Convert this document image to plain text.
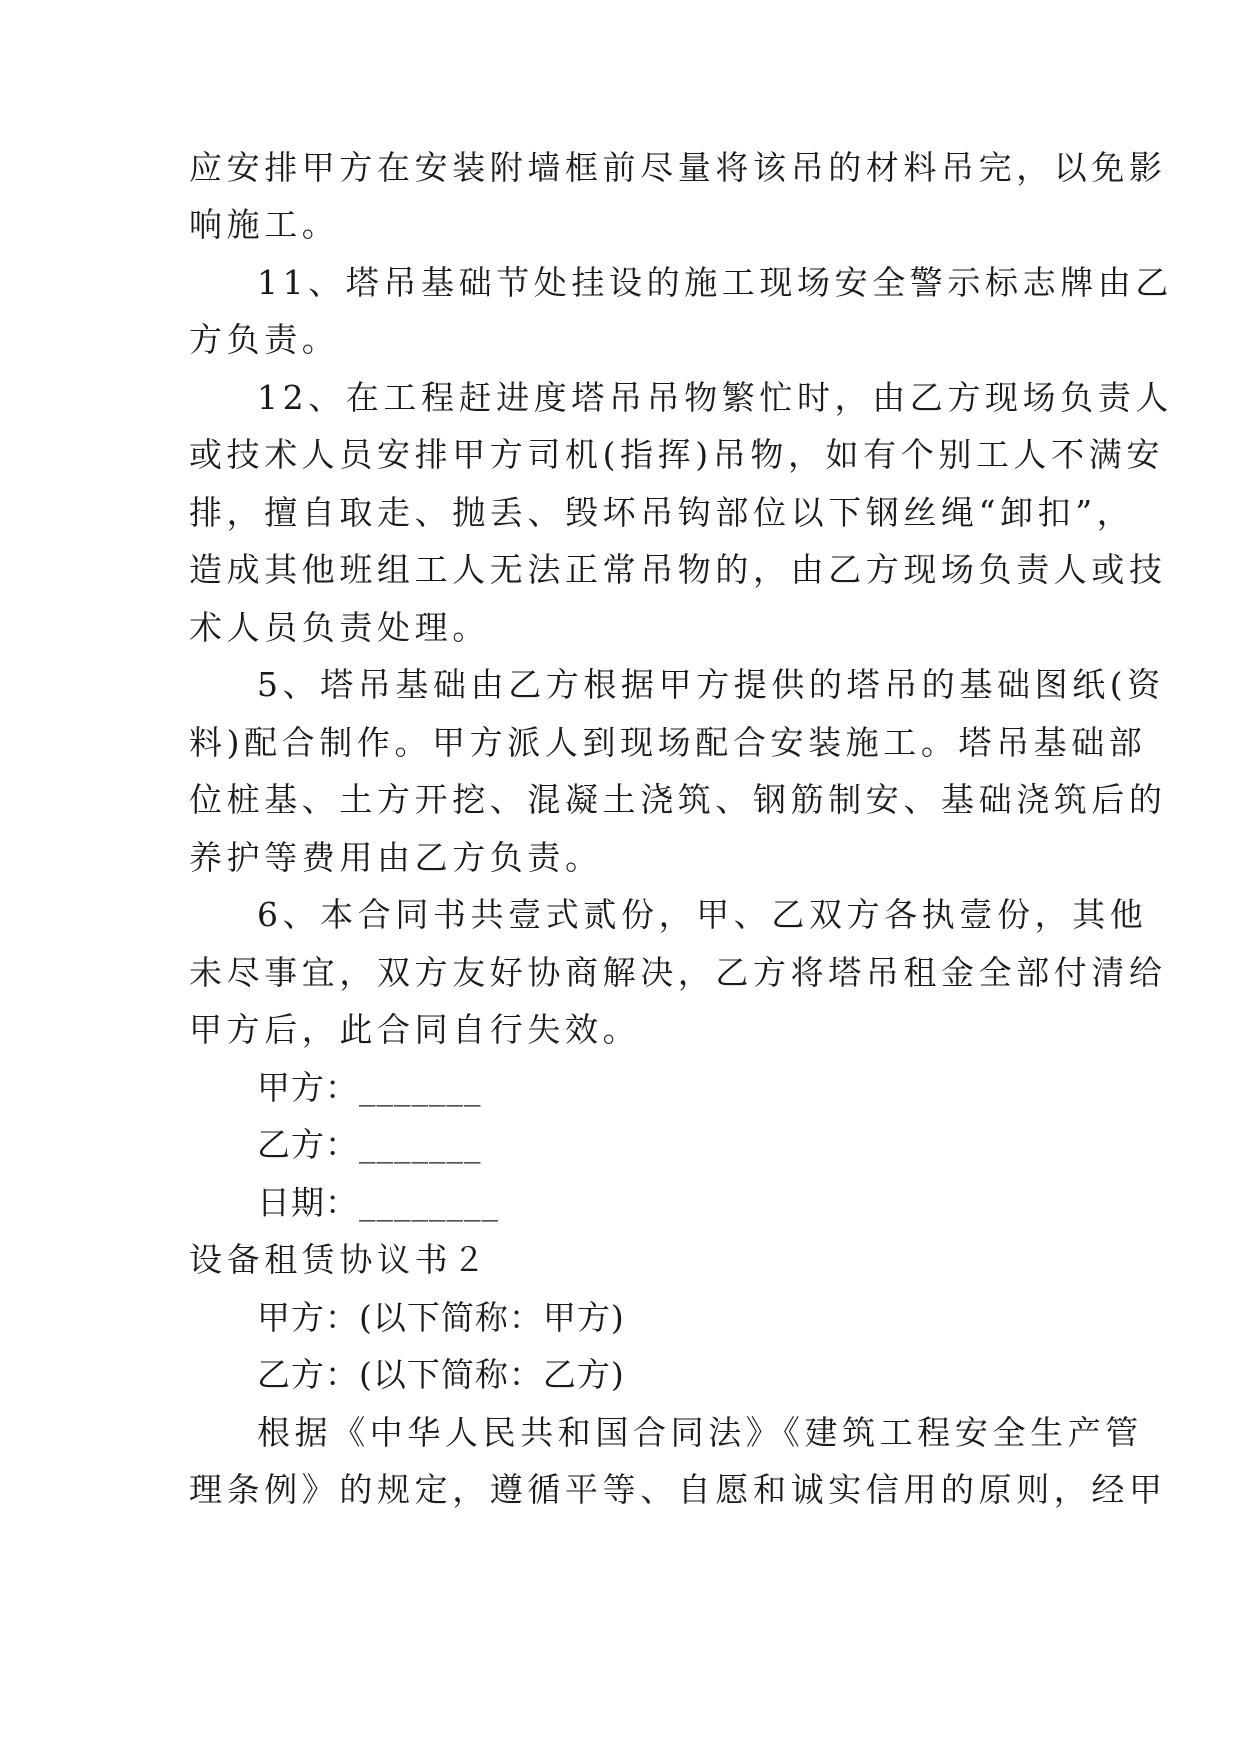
应安排甲方在安装附墙框前尽量将该吊的材料吊完，以免影
响施工。
11、塔吊基础节处挂设的施工现场安全警示标志牌由乙
方负责。
12、在工程赶进度塔吊吊物繁忙时，由乙方现场负责人
或技术人员安排甲方司机(指挥)吊物，如有个别工人不满安
排，擅自取走、抛丢、毁坏吊钩部位以下钢丝绳“卸扣”，
造成其他班组工人无法正常吊物的，由乙方现场负责人或技
术人员负责处理。
5、塔吊基础由乙方根据甲方提供的塔吊的基础图纸(资
料)配合制作。甲方派人到现场配合安装施工。塔吊基础部
位桩基、土方开挖、混凝土浇筑、钢筋制安、基础浇筑后的
养护等费用由乙方负责。
6、本合同书共壹式贰份，甲、乙双方各执壹份，其他
未尽事宜，双方友好协商解决，乙方将塔吊租金全部付清给
甲方后，此合同自行失效。
甲方：_______
乙方：_______
日期：________
设备租赁协议书２
甲方：(以下简称：甲方)
乙方：(以下简称：乙方)
根据《中华人民共和国合同法》《建筑工程安全生产管
理条例》的规定，遵循平等、自愿和诚实信用的原则，经甲
